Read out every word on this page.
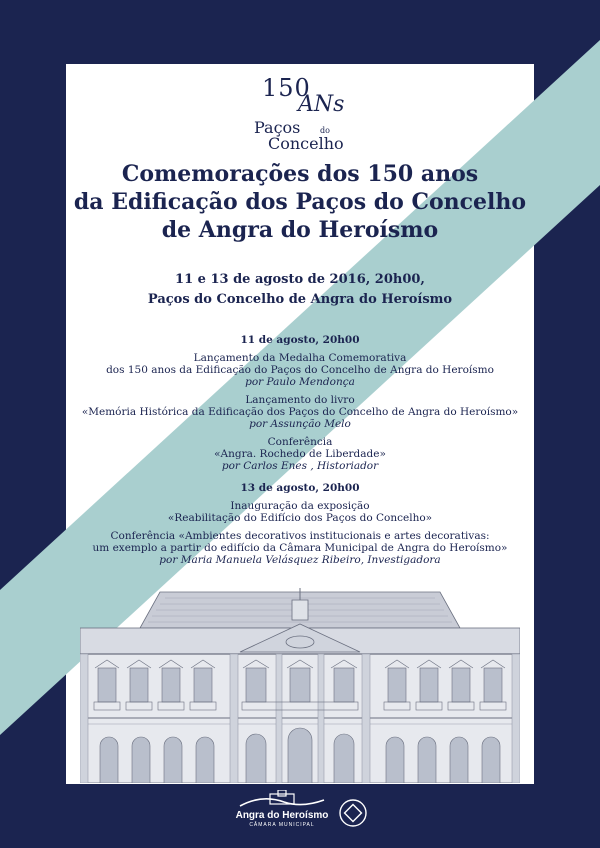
150
ANs
Paços do
Concelho
Comemorações dos 150 anos
da Edificação dos Paços do Concelho
de Angra do Heroísmo
11 e 13 de agosto de 2016, 20h00,
Paços do Concelho de Angra do Heroísmo
11 de agosto, 20h00
Lançamento da Medalha Comemorativa
dos 150 anos da Edificação do Paços do Concelho de Angra do Heroísmo
por Paulo Mendonça
Lançamento do livro
«Memória Histórica da Edificação dos Paços do Concelho de Angra do Heroísmo»
por Assunção Melo
Conferência
«Angra. Rochedo de Liberdade»
por Carlos Enes , Historiador
13 de agosto, 20h00
Inauguração da exposição
«Reabilitação do Edifício dos Paços do Concelho»
Conferência «Ambientes decorativos institucionais e artes decorativas:
um exemplo a partir do edifício da Câmara Municipal de Angra do Heroísmo»
por Maria Manuela Velásquez Ribeiro, Investigadora
Angra do Heroísmo
CÂMARA MUNICIPAL
